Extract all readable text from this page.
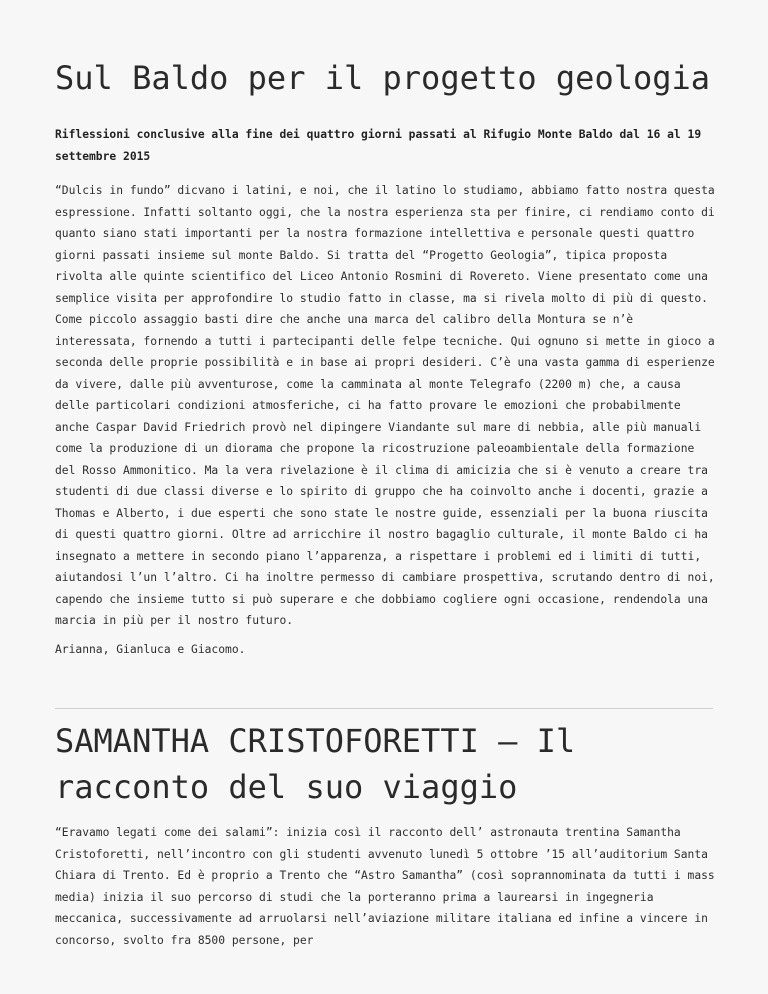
Sul Baldo per il progetto geologia

Riflessioni conclusive alla fine dei quattro giorni passati al Rifugio Monte Baldo dal 16 al 19 settembre 2015

“Dulcis in fundo” dicvano i latini, e noi, che il latino lo studiamo, abbiamo fatto nostra questa espressione. Infatti soltanto oggi, che la nostra esperienza sta per finire, ci rendiamo conto di quanto siano stati importanti per la nostra formazione intellettiva e personale questi quattro giorni passati insieme sul monte Baldo. Si tratta del “Progetto Geologia”, tipica proposta rivolta alle quinte scientifico del Liceo Antonio Rosmini di Rovereto. Viene presentato come una semplice visita per approfondire lo studio fatto in classe, ma si rivela molto di più di questo. Come piccolo assaggio basti dire che anche una marca del calibro della Montura se n’è interessata, fornendo a tutti i partecipanti delle felpe tecniche. Qui ognuno si mette in gioco a seconda delle proprie possibilità e in base ai propri desideri. C’è una vasta gamma di esperienze da vivere, dalle più avventurose, come la camminata al monte Telegrafo (2200 m) che, a causa delle particolari condizioni atmosferiche, ci ha fatto provare le emozioni che probabilmente anche Caspar David Friedrich provò nel dipingere Viandante sul mare di nebbia, alle più manuali come la produzione di un diorama che propone la ricostruzione paleoambientale della formazione del Rosso Ammonitico. Ma la vera rivelazione è il clima di amicizia che si è venuto a creare tra studenti di due classi diverse e lo spirito di gruppo che ha coinvolto anche i docenti, grazie a Thomas e Alberto, i due esperti che sono state le nostre guide, essenziali per la buona riuscita di questi quattro giorni. Oltre ad arricchire il nostro bagaglio culturale, il monte Baldo ci ha insegnato a mettere in secondo piano l’apparenza, a rispettare i problemi ed i limiti di tutti, aiutandosi l’un l’altro. Ci ha inoltre permesso di cambiare prospettiva, scrutando dentro di noi, capendo che insieme tutto si può superare e che dobbiamo cogliere ogni occasione, rendendola una marcia in più per il nostro futuro.

Arianna, Gianluca e Giacomo.

SAMANTHA CRISTOFORETTI – Il racconto del suo viaggio

“Eravamo legati come dei salami”: inizia così il racconto dell’ astronauta trentina Samantha Cristoforetti, nell’incontro con gli studenti avvenuto lunedì 5 ottobre ’15 all’auditorium Santa Chiara di Trento. Ed è proprio a Trento che “Astro Samantha” (così soprannominata da tutti i mass media) inizia il suo percorso di studi che la porteranno prima a laurearsi in ingegneria meccanica, successivamente ad arruolarsi nell’aviazione militare italiana ed infine a vincere in concorso, svolto fra 8500 persone, per
